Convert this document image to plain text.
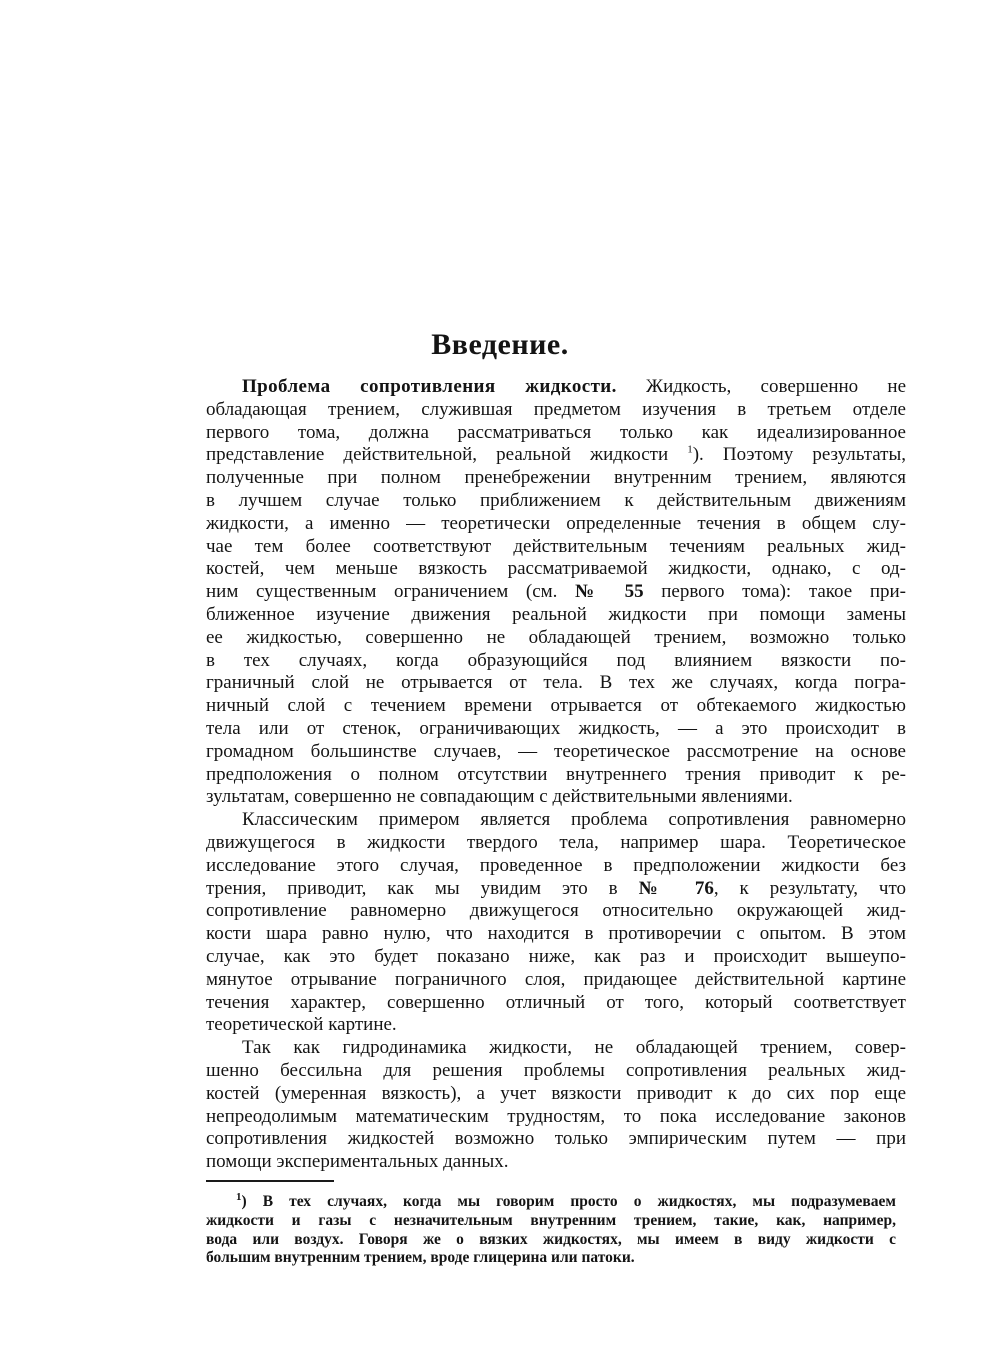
Введение.
Проблема сопротивления жидкости. Жидкость, совершенно не
обладающая трением, служившая предметом изучения в третьем отделе
первого тома, должна рассматриваться только как идеализированное
представление действительной, реальной жидкости $^1$). Поэтому результаты,
полученные при полном пренебрежении внутренним трением, являются
в лучшем случае только приближением к действительным движениям
жидкости, а именно — теоретически определенные течения в общем слу-
чае тем более соответствуют действительным течениям реальных жид-
костей, чем меньше вязкость рассматриваемой жидкости, однако, с од-
ним существенным ограничением (см. № 55 первого тома): такое при-
ближенное изучение движения реальной жидкости при помощи замены
ее жидкостью, совершенно не обладающей трением, возможно только
в тех случаях, когда образующийся под влиянием вязкости по-
граничный слой не отрывается от тела. В тех же случаях, когда погра-
ничный слой с течением времени отрывается от обтекаемого жидкостью
тела или от стенок, ограничивающих жидкость, — а это происходит в
громадном большинстве случаев, — теоретическое рассмотрение на основе
предположения о полном отсутствии внутреннего трения приводит к ре-
зультатам, совершенно не совпадающим с действительными явлениями.
Классическим примером является проблема сопротивления равномерно
движущегося в жидкости твердого тела, например шара. Теоретическое
исследование этого случая, проведенное в предположении жидкости без
трения, приводит, как мы увидим это в № 76, к результату, что
сопротивление равномерно движущегося относительно окружающей жид-
кости шара равно нулю, что находится в противоречии с опытом. В этом
случае, как это будет показано ниже, как раз и происходит вышеупо-
мянутое отрывание пограничного слоя, придающее действительной картине
течения характер, совершенно отличный от того, который соответствует
теоретической картине.
Так как гидродинамика жидкости, не обладающей трением, совер-
шенно бессильна для решения проблемы сопротивления реальных жид-
костей (умеренная вязкость), а учет вязкости приводит к до сих пор еще
непреодолимым математическим трудностям, то пока исследование законов
сопротивления жидкостей возможно только эмпирическим путем — при
помощи экспериментальных данных.
$^1$) В тех случаях, когда мы говорим просто о жидкостях, мы подразумеваем
жидкости и газы с незначительным внутренним трением, такие, как, например,
вода или воздух. Говоря же о вязких жидкостях, мы имеем в виду жидкости с
большим внутренним трением, вроде глицерина или патоки.
